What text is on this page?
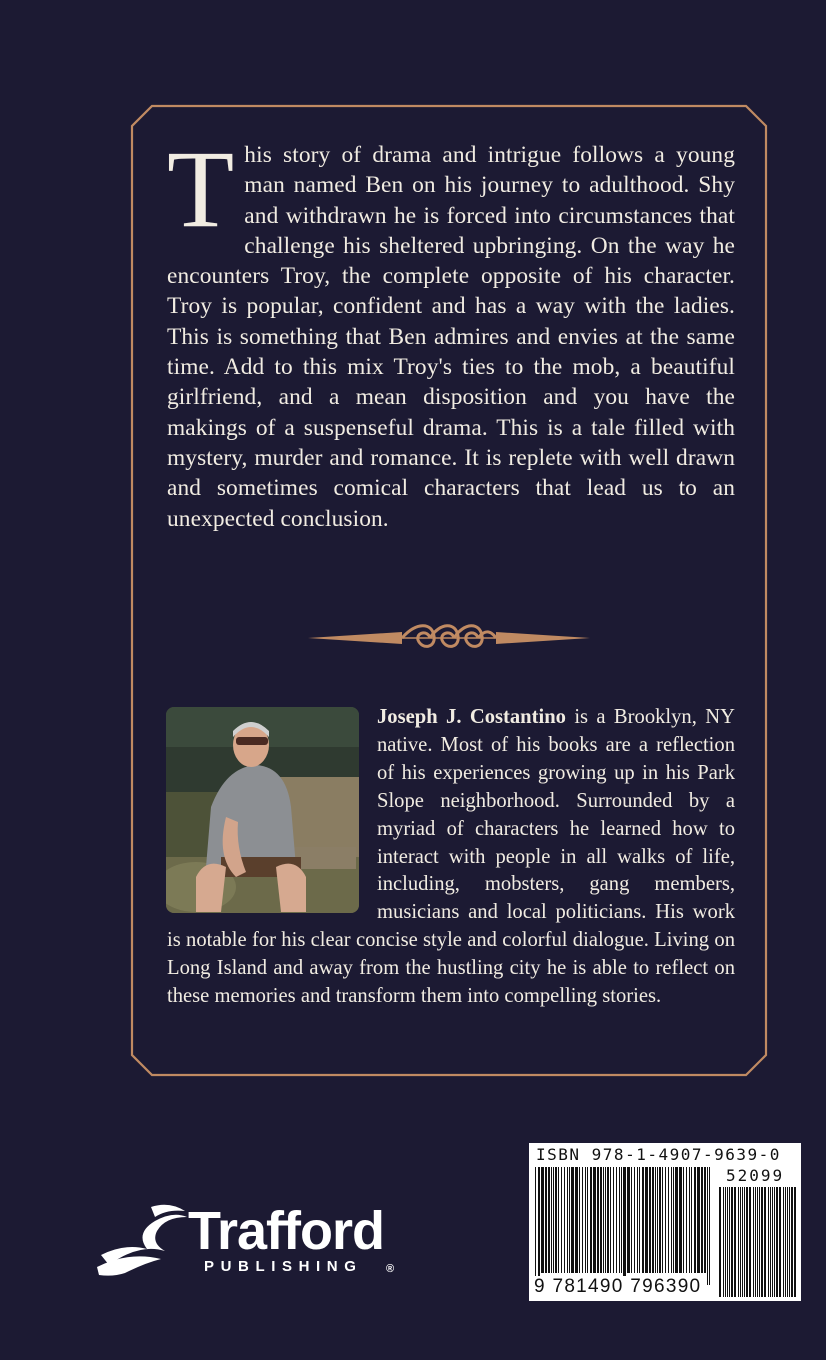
This story of drama and intrigue follows a young man named Ben on his journey to adulthood. Shy and withdrawn he is forced into circumstances that challenge his sheltered upbringing. On the way he encounters Troy, the complete opposite of his character. Troy is popular, confident and has a way with the ladies. This is something that Ben admires and envies at the same time. Add to this mix Troy's ties to the mob, a beautiful girlfriend, and a mean disposition and you have the makings of a suspenseful drama. This is a tale filled with mystery, murder and romance. It is replete with well drawn and sometimes comical characters that lead us to an unexpected conclusion.
Joseph J. Costantino is a Brooklyn, NY native. Most of his books are a reflection of his experiences growing up in his Park Slope neighborhood. Surrounded by a myriad of characters he learned how to interact with people in all walks of life, including, mobsters, gang members, musicians and local politicians. His work is notable for his clear concise style and colorful dialogue. Living on Long Island and away from the hustling city he is able to reflect on these memories and transform them into compelling stories.
ISBN 978-1-4907-9639-0
52099
9 781490 796390
Trafford®
PUBLISHING
